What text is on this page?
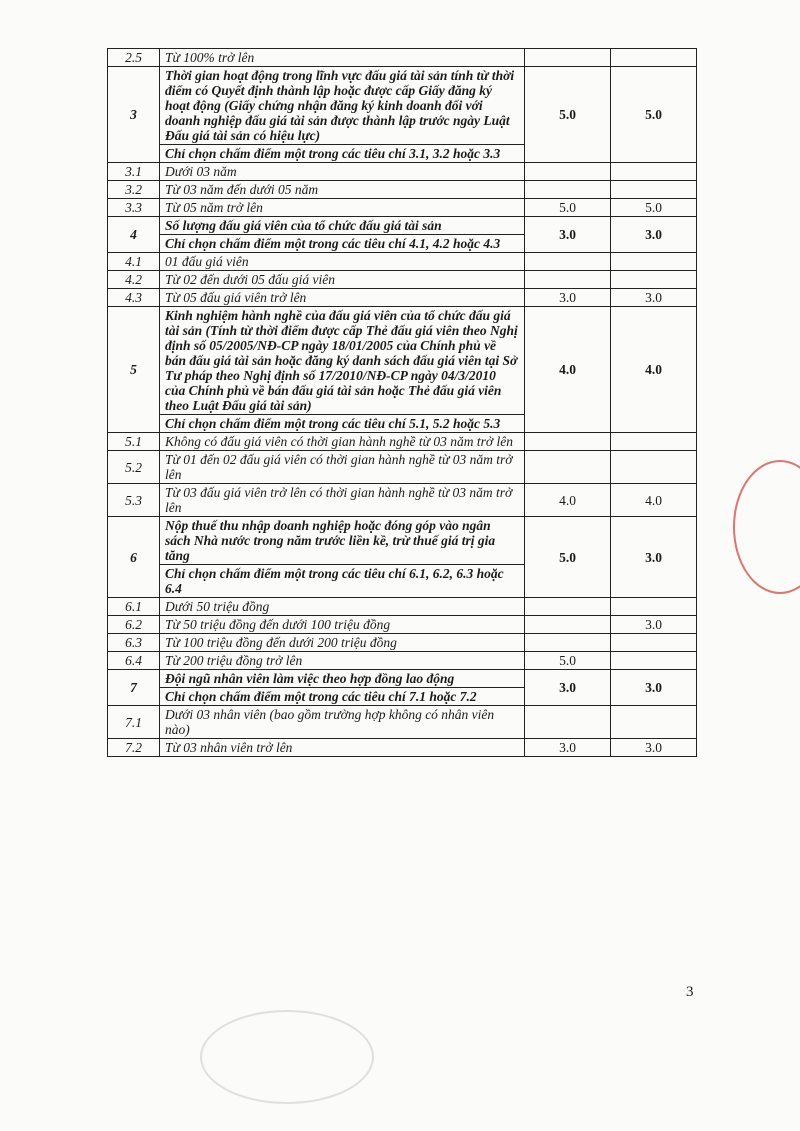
2.5	Từ 100% trở lên		
3	Thời gian hoạt động trong lĩnh vực đấu giá tài sản tính từ thời điểm có Quyết định thành lập hoặc được cấp Giấy đăng ký hoạt động (Giấy chứng nhận đăng ký kinh doanh đối với doanh nghiệp đấu giá tài sản được thành lập trước ngày Luật Đấu giá tài sản có hiệu lực)	5.0	5.0
	Chỉ chọn chấm điểm một trong các tiêu chí 3.1, 3.2 hoặc 3.3		
3.1	Dưới 03 năm		
3.2	Từ 03 năm đến dưới 05 năm		
3.3	Từ 05 năm trở lên	5.0	5.0
4	Số lượng đấu giá viên của tổ chức đấu giá tài sản	3.0	3.0
	Chỉ chọn chấm điểm một trong các tiêu chí 4.1, 4.2 hoặc 4.3		
4.1	01 đấu giá viên		
4.2	Từ 02 đến dưới 05 đấu giá viên		
4.3	Từ 05 đấu giá viên trở lên	3.0	3.0
5	Kinh nghiệm hành nghề của đấu giá viên của tổ chức đấu giá tài sản (Tính từ thời điểm được cấp Thẻ đấu giá viên theo Nghị định số 05/2005/NĐ-CP ngày 18/01/2005 của Chính phủ về bán đấu giá tài sản hoặc đăng ký danh sách đấu giá viên tại Sở Tư pháp theo Nghị định số 17/2010/NĐ-CP ngày 04/3/2010 của Chính phủ về bán đấu giá tài sản hoặc Thẻ đấu giá viên theo Luật Đấu giá tài sản)	4.0	4.0
	Chỉ chọn chấm điểm một trong các tiêu chí 5.1, 5.2 hoặc 5.3		
5.1	Không có đấu giá viên có thời gian hành nghề từ 03 năm trở lên		
5.2	Từ 01 đến 02 đấu giá viên có thời gian hành nghề từ 03 năm trở lên		
5.3	Từ 03 đấu giá viên trở lên có thời gian hành nghề từ 03 năm trở lên	4.0	4.0
6	Nộp thuế thu nhập doanh nghiệp hoặc đóng góp vào ngân sách Nhà nước trong năm trước liền kề, trừ thuế giá trị gia tăng	5.0	3.0
	Chỉ chọn chấm điểm một trong các tiêu chí 6.1, 6.2, 6.3 hoặc 6.4		
6.1	Dưới 50 triệu đồng		
6.2	Từ 50 triệu đồng đến dưới 100 triệu đồng		3.0
6.3	Từ 100 triệu đồng đến dưới 200 triệu đồng		
6.4	Từ 200 triệu đồng trở lên	5.0	
7	Đội ngũ nhân viên làm việc theo hợp đồng lao động	3.0	3.0
	Chỉ chọn chấm điểm một trong các tiêu chí 7.1 hoặc 7.2		
7.1	Dưới 03 nhân viên (bao gồm trường hợp không có nhân viên nào)		
7.2	Từ 03 nhân viên trở lên	3.0	3.0
3
